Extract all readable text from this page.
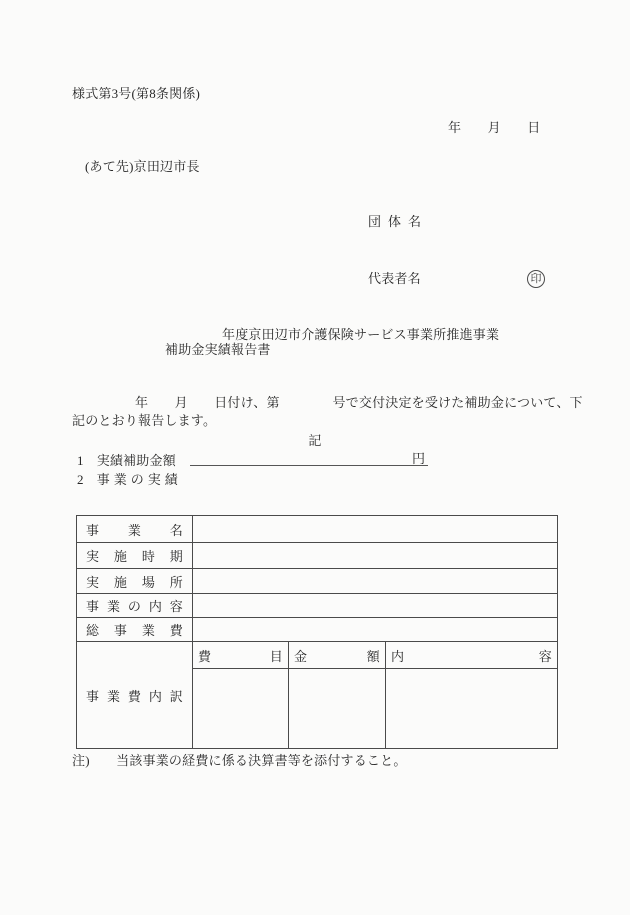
様式第3号(第8条関係)
年　　月　　日
(あて先)京田辺市長
団体名
代表者名	印
年度京田辺市介護保険サービス事業所推進事業
補助金実績報告書
年　　月　　日付け、第　　　　号で交付決定を受けた補助金について、下
記のとおり報告します。
記
1 実績補助金額	円
2 事業の実績
事業名			
実施時期			
実施場所			
事業の内容			
総事業費			
事業費内訳	費目	金額	内容

注)　　当該事業の経費に係る決算書等を添付すること。
